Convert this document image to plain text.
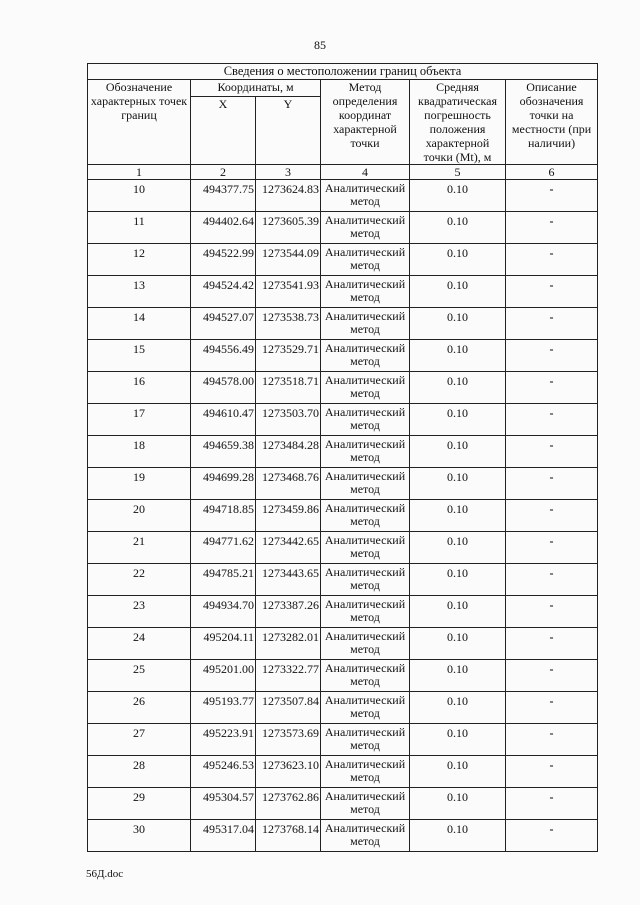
85
Сведения о местоположении границ объекта					
Обозначение характерных точек границ	Координаты, м		Метод определения координат характерной точки	Средняя квадратическая погрешность положения характерной точки (Mt), м	Описание обозначения точки на местности (при наличии)
	X	Y			
1	2	3	4	5	6
10	494377.75	1273624.83	Аналитический метод	0.10	-
11	494402.64	1273605.39	Аналитический метод	0.10	-
12	494522.99	1273544.09	Аналитический метод	0.10	-
13	494524.42	1273541.93	Аналитический метод	0.10	-
14	494527.07	1273538.73	Аналитический метод	0.10	-
15	494556.49	1273529.71	Аналитический метод	0.10	-
16	494578.00	1273518.71	Аналитический метод	0.10	-
17	494610.47	1273503.70	Аналитический метод	0.10	-
18	494659.38	1273484.28	Аналитический метод	0.10	-
19	494699.28	1273468.76	Аналитический метод	0.10	-
20	494718.85	1273459.86	Аналитический метод	0.10	-
21	494771.62	1273442.65	Аналитический метод	0.10	-
22	494785.21	1273443.65	Аналитический метод	0.10	-
23	494934.70	1273387.26	Аналитический метод	0.10	-
24	495204.11	1273282.01	Аналитический метод	0.10	-
25	495201.00	1273322.77	Аналитический метод	0.10	-
26	495193.77	1273507.84	Аналитический метод	0.10	-
27	495223.91	1273573.69	Аналитический метод	0.10	-
28	495246.53	1273623.10	Аналитический метод	0.10	-
29	495304.57	1273762.86	Аналитический метод	0.10	-
30	495317.04	1273768.14	Аналитический метод	0.10	-
56Д.doc
